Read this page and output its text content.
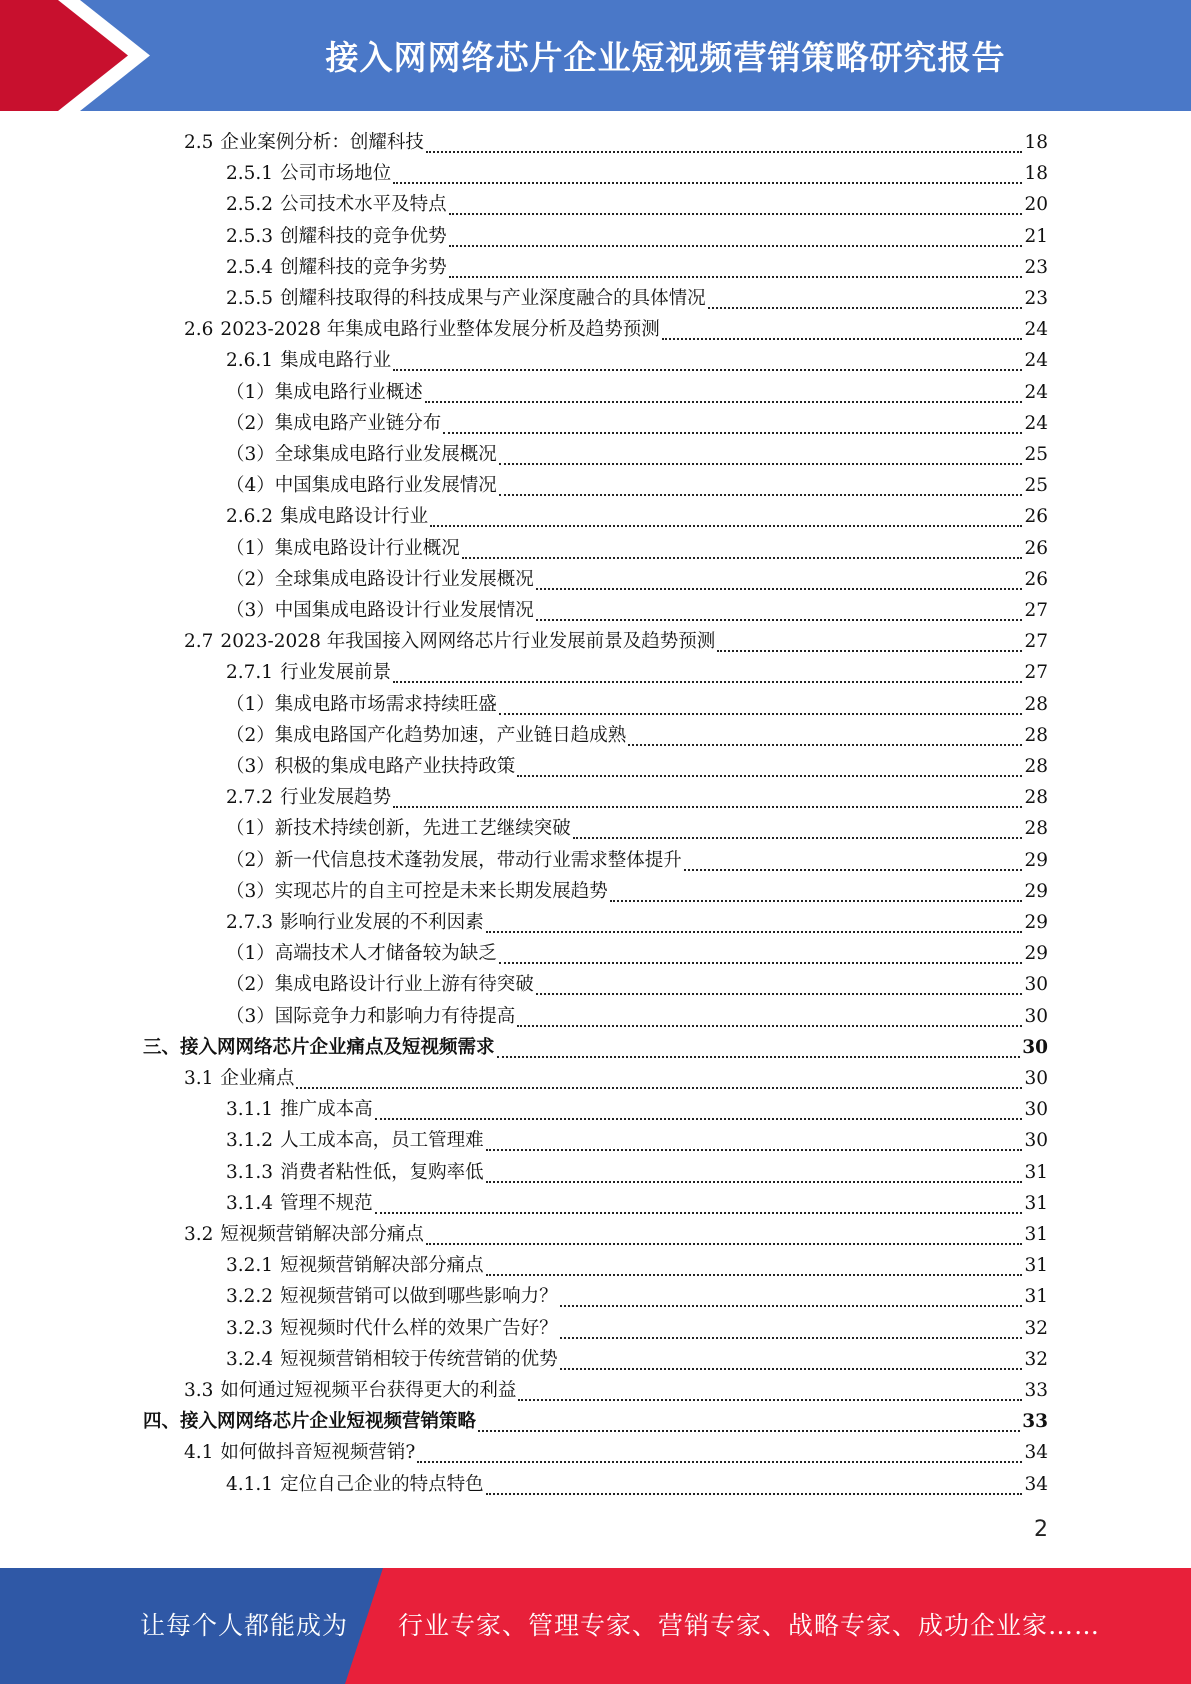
接入网网络芯片企业短视频营销策略研究报告
2.5 企业案例分析：创耀科技	18
2.5.1 公司市场地位	18
2.5.2 公司技术水平及特点	20
2.5.3 创耀科技的竞争优势	21
2.5.4 创耀科技的竞争劣势	23
2.5.5 创耀科技取得的科技成果与产业深度融合的具体情况	23
2.6 2023-2028 年集成电路行业整体发展分析及趋势预测	24
2.6.1 集成电路行业	24
（1）集成电路行业概述	24
（2）集成电路产业链分布	24
（3）全球集成电路行业发展概况	25
（4）中国集成电路行业发展情况	25
2.6.2 集成电路设计行业	26
（1）集成电路设计行业概况	26
（2）全球集成电路设计行业发展概况	26
（3）中国集成电路设计行业发展情况	27
2.7 2023-2028 年我国接入网网络芯片行业发展前景及趋势预测	27
2.7.1 行业发展前景	27
（1）集成电路市场需求持续旺盛	28
（2）集成电路国产化趋势加速，产业链日趋成熟	28
（3）积极的集成电路产业扶持政策	28
2.7.2 行业发展趋势	28
（1）新技术持续创新，先进工艺继续突破	28
（2）新一代信息技术蓬勃发展，带动行业需求整体提升	29
（3）实现芯片的自主可控是未来长期发展趋势	29
2.7.3 影响行业发展的不利因素	29
（1）高端技术人才储备较为缺乏	29
（2）集成电路设计行业上游有待突破	30
（3）国际竞争力和影响力有待提高	30
三、接入网网络芯片企业痛点及短视频需求	30
3.1 企业痛点	30
3.1.1 推广成本高	30
3.1.2 人工成本高，员工管理难	30
3.1.3 消费者粘性低，复购率低	31
3.1.4 管理不规范	31
3.2 短视频营销解决部分痛点	31
3.2.1 短视频营销解决部分痛点	31
3.2.2 短视频营销可以做到哪些影响力？	31
3.2.3 短视频时代什么样的效果广告好？	32
3.2.4 短视频营销相较于传统营销的优势	32
3.3 如何通过短视频平台获得更大的利益	33
四、接入网网络芯片企业短视频营销策略	33
4.1 如何做抖音短视频营销?	34
4.1.1 定位自己企业的特点特色	34
2
让每个人都能成为 行业专家、管理专家、营销专家、战略专家、成功企业家……
